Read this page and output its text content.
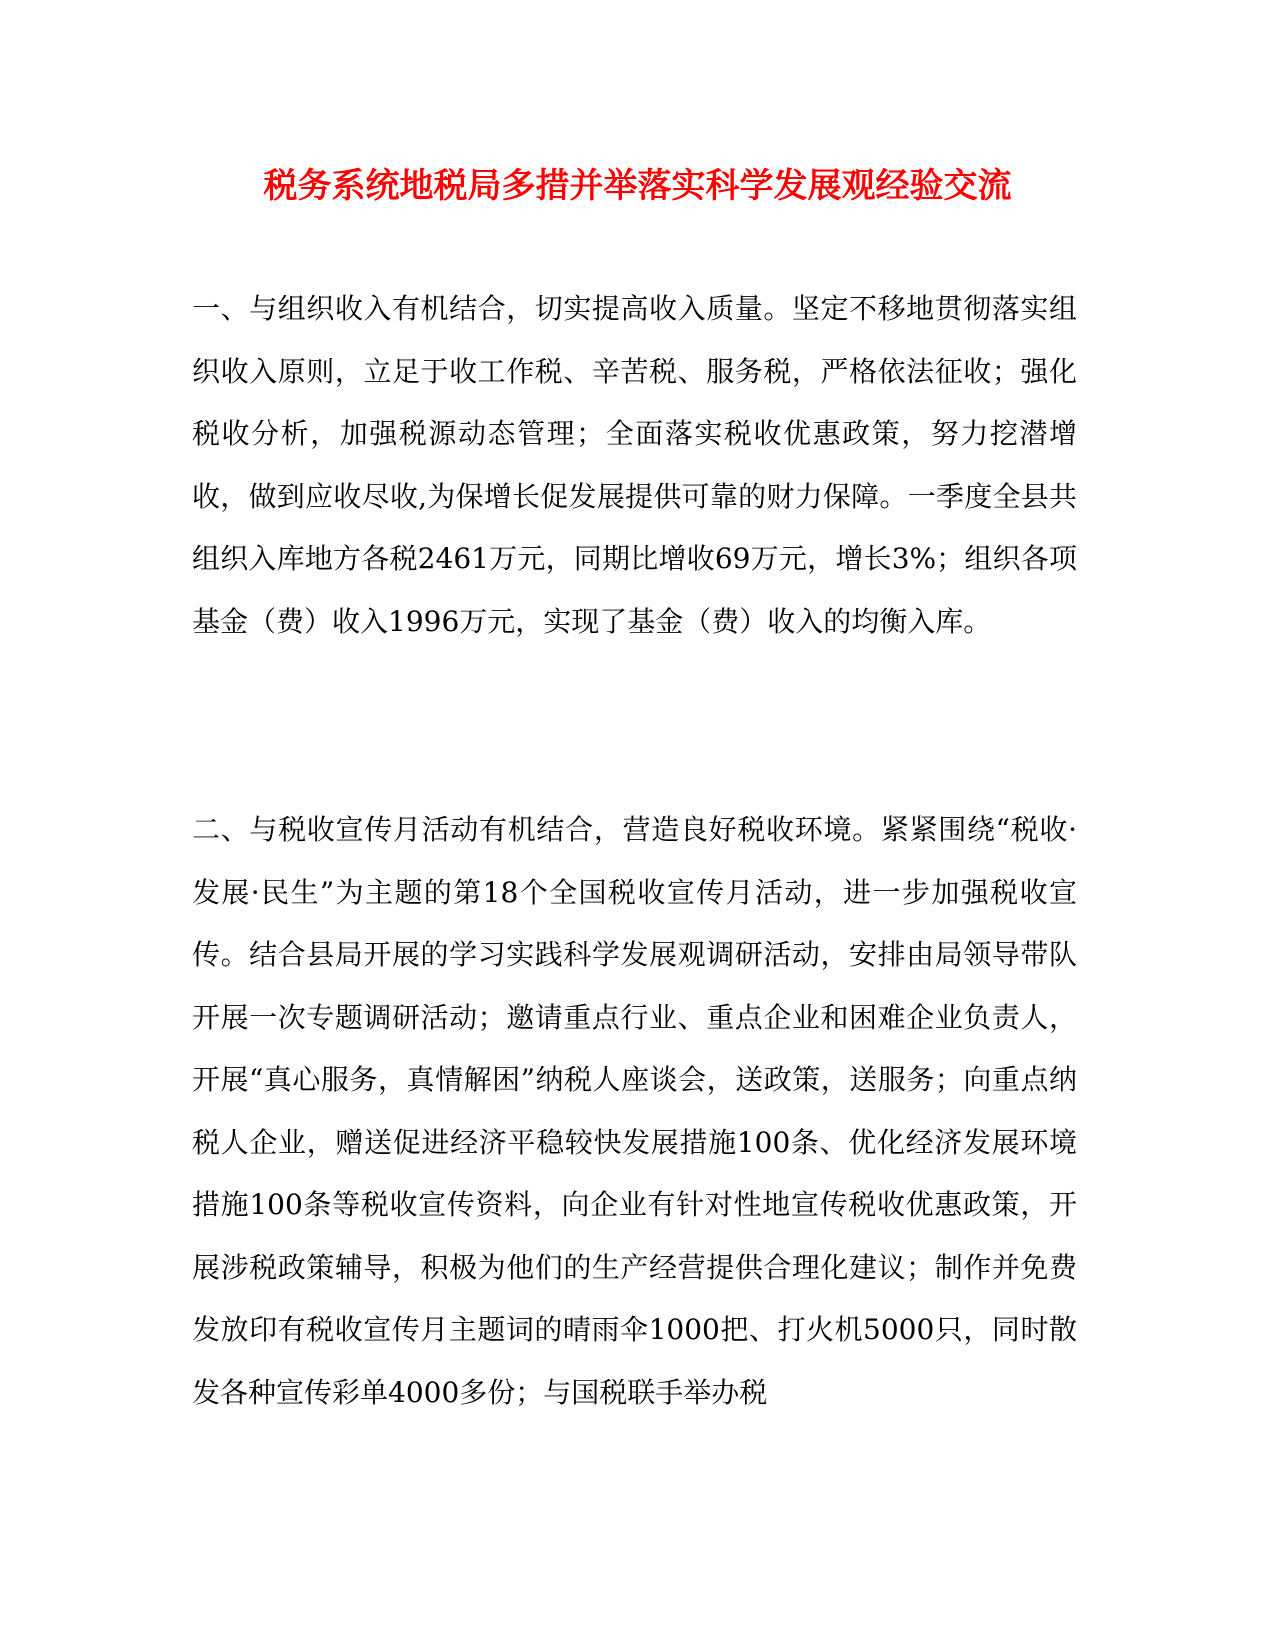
税务系统地税局多措并举落实科学发展观经验交流

一、与组织收入有机结合，切实提高收入质量。坚定不移地贯彻落实组织收入原则，立足于收工作税、辛苦税、服务税，严格依法征收；强化税收分析，加强税源动态管理；全面落实税收优惠政策，努力挖潜增收，做到应收尽收,为保增长促发展提供可靠的财力保障。一季度全县共组织入库地方各税2461万元，同期比增收69万元，增长3%；组织各项基金（费）收入1996万元，实现了基金（费）收入的均衡入库。

二、与税收宣传月活动有机结合，营造良好税收环境。紧紧围绕“税收·发展·民生”为主题的第18个全国税收宣传月活动，进一步加强税收宣传。结合县局开展的学习实践科学发展观调研活动，安排由局领导带队开展一次专题调研活动；邀请重点行业、重点企业和困难企业负责人，开展“真心服务，真情解困”纳税人座谈会，送政策，送服务；向重点纳税人企业，赠送促进经济平稳较快发展措施100条、优化经济发展环境措施100条等税收宣传资料，向企业有针对性地宣传税收优惠政策，开展涉税政策辅导，积极为他们的生产经营提供合理化建议；制作并免费发放印有税收宣传月主题词的晴雨伞1000把、打火机5000只，同时散发各种宣传彩单4000多份；与国税联手举办税
